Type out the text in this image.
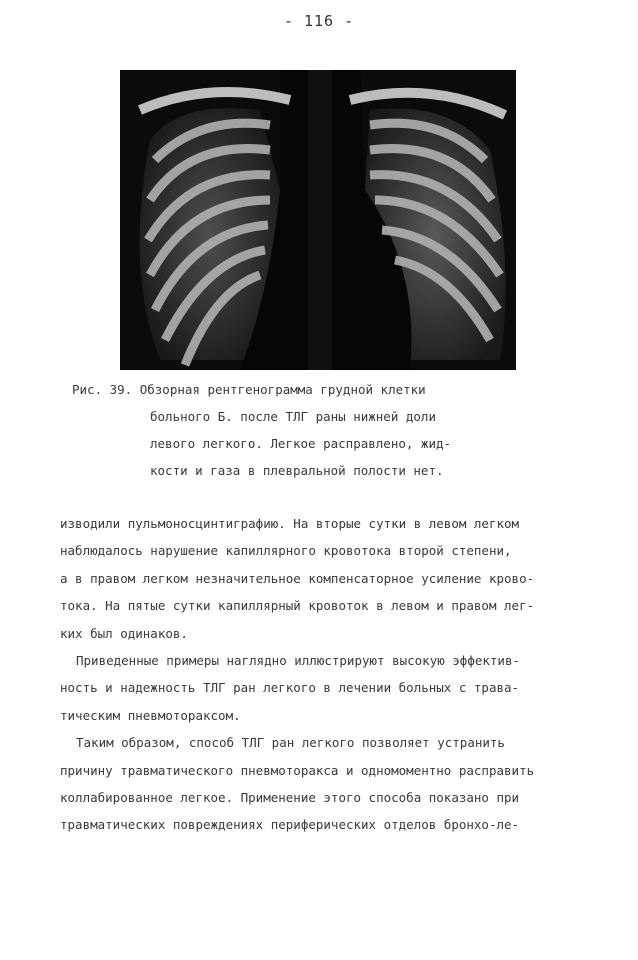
- 116 -
Рис. 39. Обзорная рентгенограмма грудной клетки
больного Б. после ТЛГ раны нижней доли
левого легкого. Легкое расправлено, жид-
кости и газа в плевральной полости нет.
изводили пульмоносцинтиграфию. На вторые сутки в левом легком
наблюдалось нарушение капиллярного кровотока второй степени,
а в правом легком незначительное компенсаторное усиление крово-
тока. На пятые сутки капиллярный кровоток в левом и правом лег-
ких был одинаков.
Приведенные примеры наглядно иллюстрируют высокую эффектив-
ность и надежность ТЛГ ран легкого в лечении больных с трава-
тическим пневмотораксом.
Таким образом, способ ТЛГ ран легкого позволяет устранить
причину травматического пневмоторакса и одномоментно расправить
коллабированное легкое. Применение этого способа показано при
травматических повреждениях периферических отделов бронхо-ле-
